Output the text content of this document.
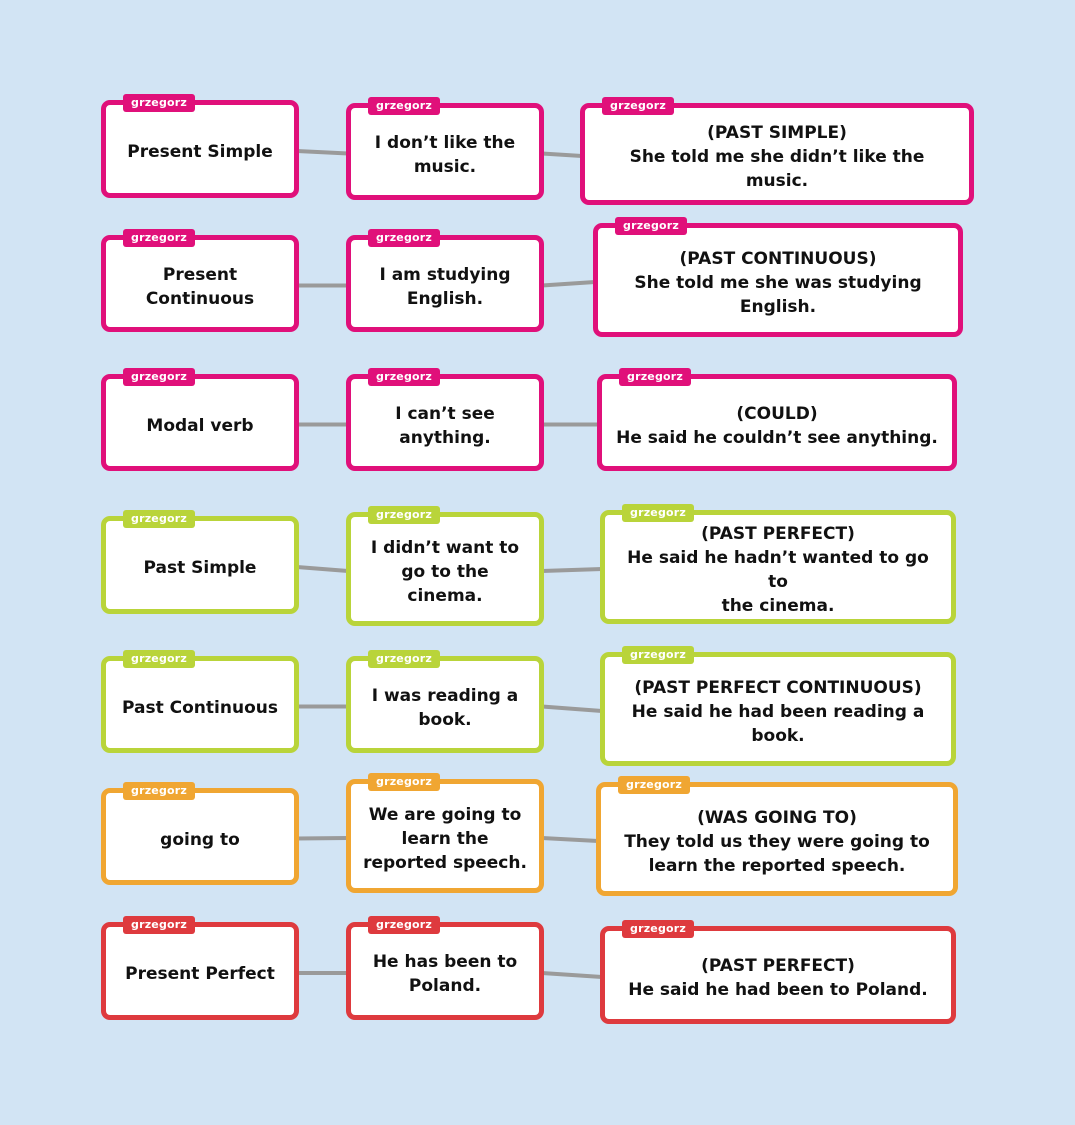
grzegorz
Present Simple
grzegorz
I don’t like the
music.
grzegorz
(PAST SIMPLE)
She told me she didn’t like the music.
grzegorz
Present
Continuous
grzegorz
I am studying
English.
grzegorz
(PAST CONTINUOUS)
She told me she was studying
English.
grzegorz
Modal verb
grzegorz
I can’t see
anything.
grzegorz
(COULD)
He said he couldn’t see anything.
grzegorz
Past Simple
grzegorz
I didn’t want to
go to the
cinema.
grzegorz
(PAST PERFECT)
He said he hadn’t wanted to go to
the cinema.
grzegorz
Past Continuous
grzegorz
I was reading a
book.
grzegorz
(PAST PERFECT CONTINUOUS)
He said he had been reading a
book.
grzegorz
going to
grzegorz
We are going to
learn the
reported speech.
grzegorz
(WAS GOING TO)
They told us they were going to
learn the reported speech.
grzegorz
Present Perfect
grzegorz
He has been to
Poland.
grzegorz
(PAST PERFECT)
He said he had been to Poland.
